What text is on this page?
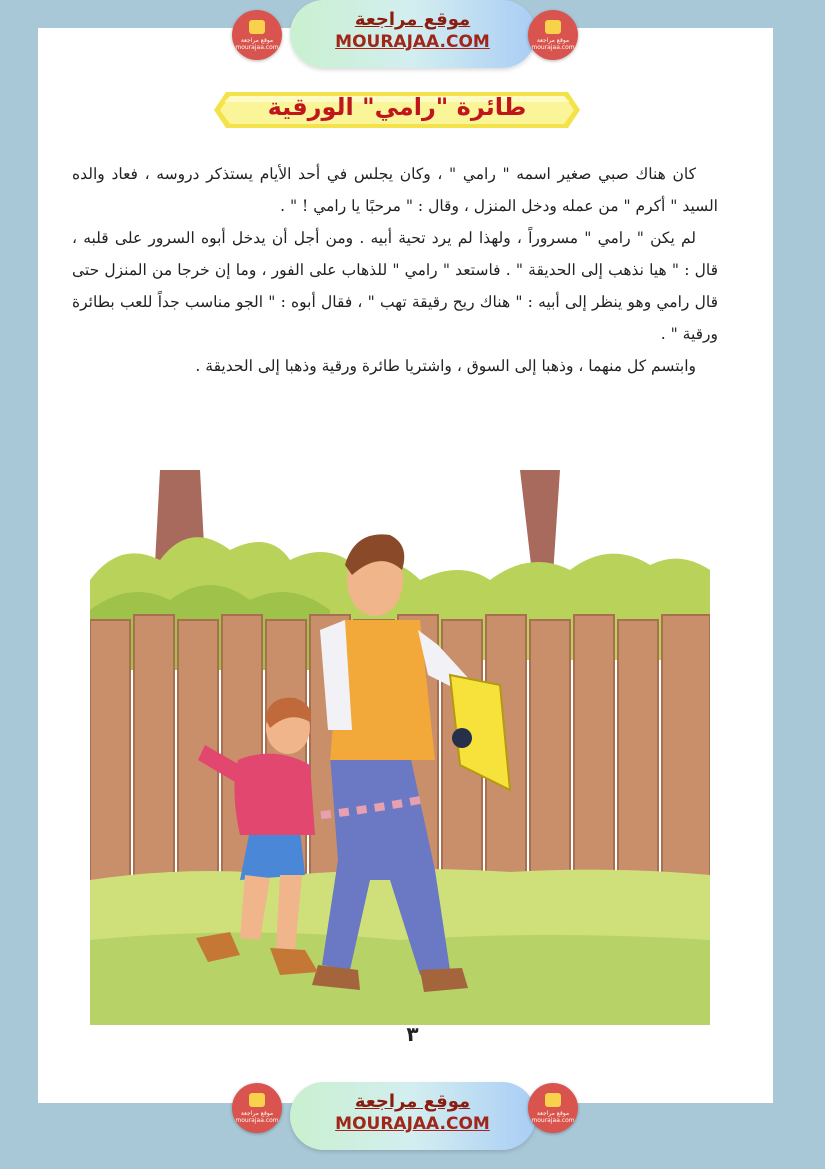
موقع مراجعة mourajaa.com
موقع مراجعة
MOURAJAA.COM	موقع مراجعة mourajaa.com
طائرة "رامي" الورقية

كان هناك صبي صغير اسمه " رامي " ، وكان يجلس في أحد الأيام يستذكر دروسه ، فعاد والده السيد " أكرم " من عمله ودخل المنزل ، وقال : " مرحبًا يا رامي ! " .

لم يكن " رامي " مسروراً ، ولهذا لم يرد تحية أبيه . ومن أجل أن يدخل أبوه السرور على قلبه ، قال : " هيا نذهب إلى الحديقة " . فاستعد " رامي " للذهاب على الفور ، وما إن خرجا من المنزل حتى قال رامي وهو ينظر إلى أبيه : " هناك ريح رقيقة تهب " ، فقال أبوه : " الجو مناسب جداً للعب بطائرة ورقية " .

وابتسم كل منهما ، وذهبا إلى السوق ، واشتريا طائرة ورقية وذهبا إلى الحديقة .

٣
موقع مراجعة mourajaa.com
موقع مراجعة
MOURAJAA.COM
موقع مراجعة mourajaa.com
